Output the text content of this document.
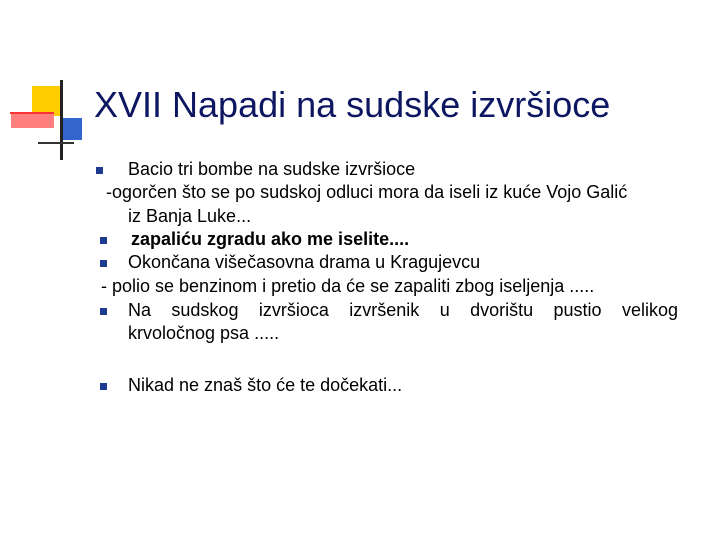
XVII Napadi na sudske izvršioce
Bacio tri bombe na sudske izvršioce
-ogorčen što se po sudskoj odluci mora da iseli iz kuće Vojo Galić
iz Banja Luke...
zapaliću zgradu ako me iselite....
Okončana višečasovna drama u Kragujevcu
- polio se benzinom i pretio da će se zapaliti zbog iseljenja .....
Na sudskog izvršioca izvršenik u dvorištu pustio velikog
krvoločnog psa .....
Nikad ne znaš što će te dočekati...
